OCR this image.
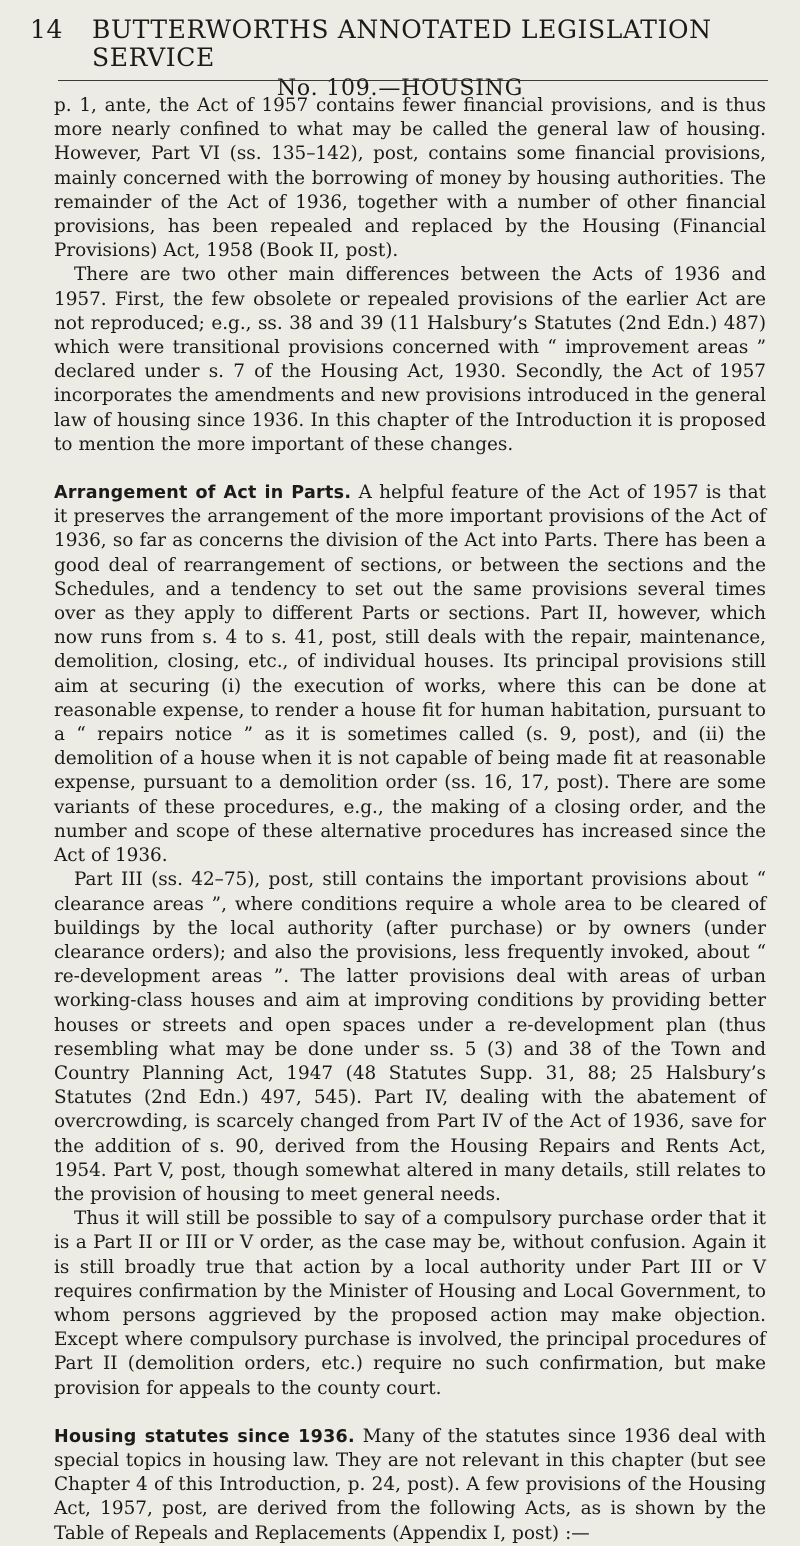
14	BUTTERWORTHS ANNOTATED LEGISLATION SERVICE
No. 109.—HOUSING

p. 1, ante, the Act of 1957 contains fewer financial provisions, and is thus more nearly confined to what may be called the general law of housing. However, Part VI (ss. 135–142), post, contains some financial provisions, mainly concerned with the borrowing of money by housing authorities. The remainder of the Act of 1936, together with a number of other financial provisions, has been repealed and replaced by the Housing (Financial Provisions) Act, 1958 (Book II, post).

There are two other main differences between the Acts of 1936 and 1957. First, the few obsolete or repealed provisions of the earlier Act are not reproduced; e.g., ss. 38 and 39 (11 Halsbury’s Statutes (2nd Edn.) 487) which were transitional provisions concerned with “ improvement areas ” declared under s. 7 of the Housing Act, 1930. Secondly, the Act of 1957 incorporates the amendments and new provisions introduced in the general law of housing since 1936. In this chapter of the Introduction it is proposed to mention the more important of these changes.

Arrangement of Act in Parts. A helpful feature of the Act of 1957 is that it preserves the arrangement of the more important provisions of the Act of 1936, so far as concerns the division of the Act into Parts. There has been a good deal of rearrangement of sections, or between the sections and the Schedules, and a tendency to set out the same provisions several times over as they apply to different Parts or sections. Part II, however, which now runs from s. 4 to s. 41, post, still deals with the repair, maintenance, demolition, closing, etc., of individual houses. Its principal provisions still aim at securing (i) the execution of works, where this can be done at reasonable expense, to render a house fit for human habitation, pursuant to a “ repairs notice ” as it is sometimes called (s. 9, post), and (ii) the demolition of a house when it is not capable of being made fit at reasonable expense, pursuant to a demolition order (ss. 16, 17, post). There are some variants of these procedures, e.g., the making of a closing order, and the number and scope of these alternative procedures has increased since the Act of 1936.

Part III (ss. 42–75), post, still contains the important provisions about “ clearance areas ”, where conditions require a whole area to be cleared of buildings by the local authority (after purchase) or by owners (under clearance orders); and also the provisions, less frequently invoked, about “ re-development areas ”. The latter provisions deal with areas of urban working-class houses and aim at improving conditions by providing better houses or streets and open spaces under a re-development plan (thus resembling what may be done under ss. 5 (3) and 38 of the Town and Country Planning Act, 1947 (48 Statutes Supp. 31, 88; 25 Halsbury’s Statutes (2nd Edn.) 497, 545). Part IV, dealing with the abatement of overcrowding, is scarcely changed from Part IV of the Act of 1936, save for the addition of s. 90, derived from the Housing Repairs and Rents Act, 1954. Part V, post, though somewhat altered in many details, still relates to the provision of housing to meet general needs.

Thus it will still be possible to say of a compulsory purchase order that it is a Part II or III or V order, as the case may be, without confusion. Again it is still broadly true that action by a local authority under Part III or V requires confirmation by the Minister of Housing and Local Government, to whom persons aggrieved by the proposed action may make objection. Except where compulsory purchase is involved, the principal procedures of Part II (demolition orders, etc.) require no such confirmation, but make provision for appeals to the county court.

Housing statutes since 1936. Many of the statutes since 1936 deal with special topics in housing law. They are not relevant in this chapter (but see Chapter 4 of this Introduction, p. 24, post). A few provisions of the Housing Act, 1957, post, are derived from the following Acts, as is shown by the Table of Repeals and Replacements (Appendix I, post) :—
